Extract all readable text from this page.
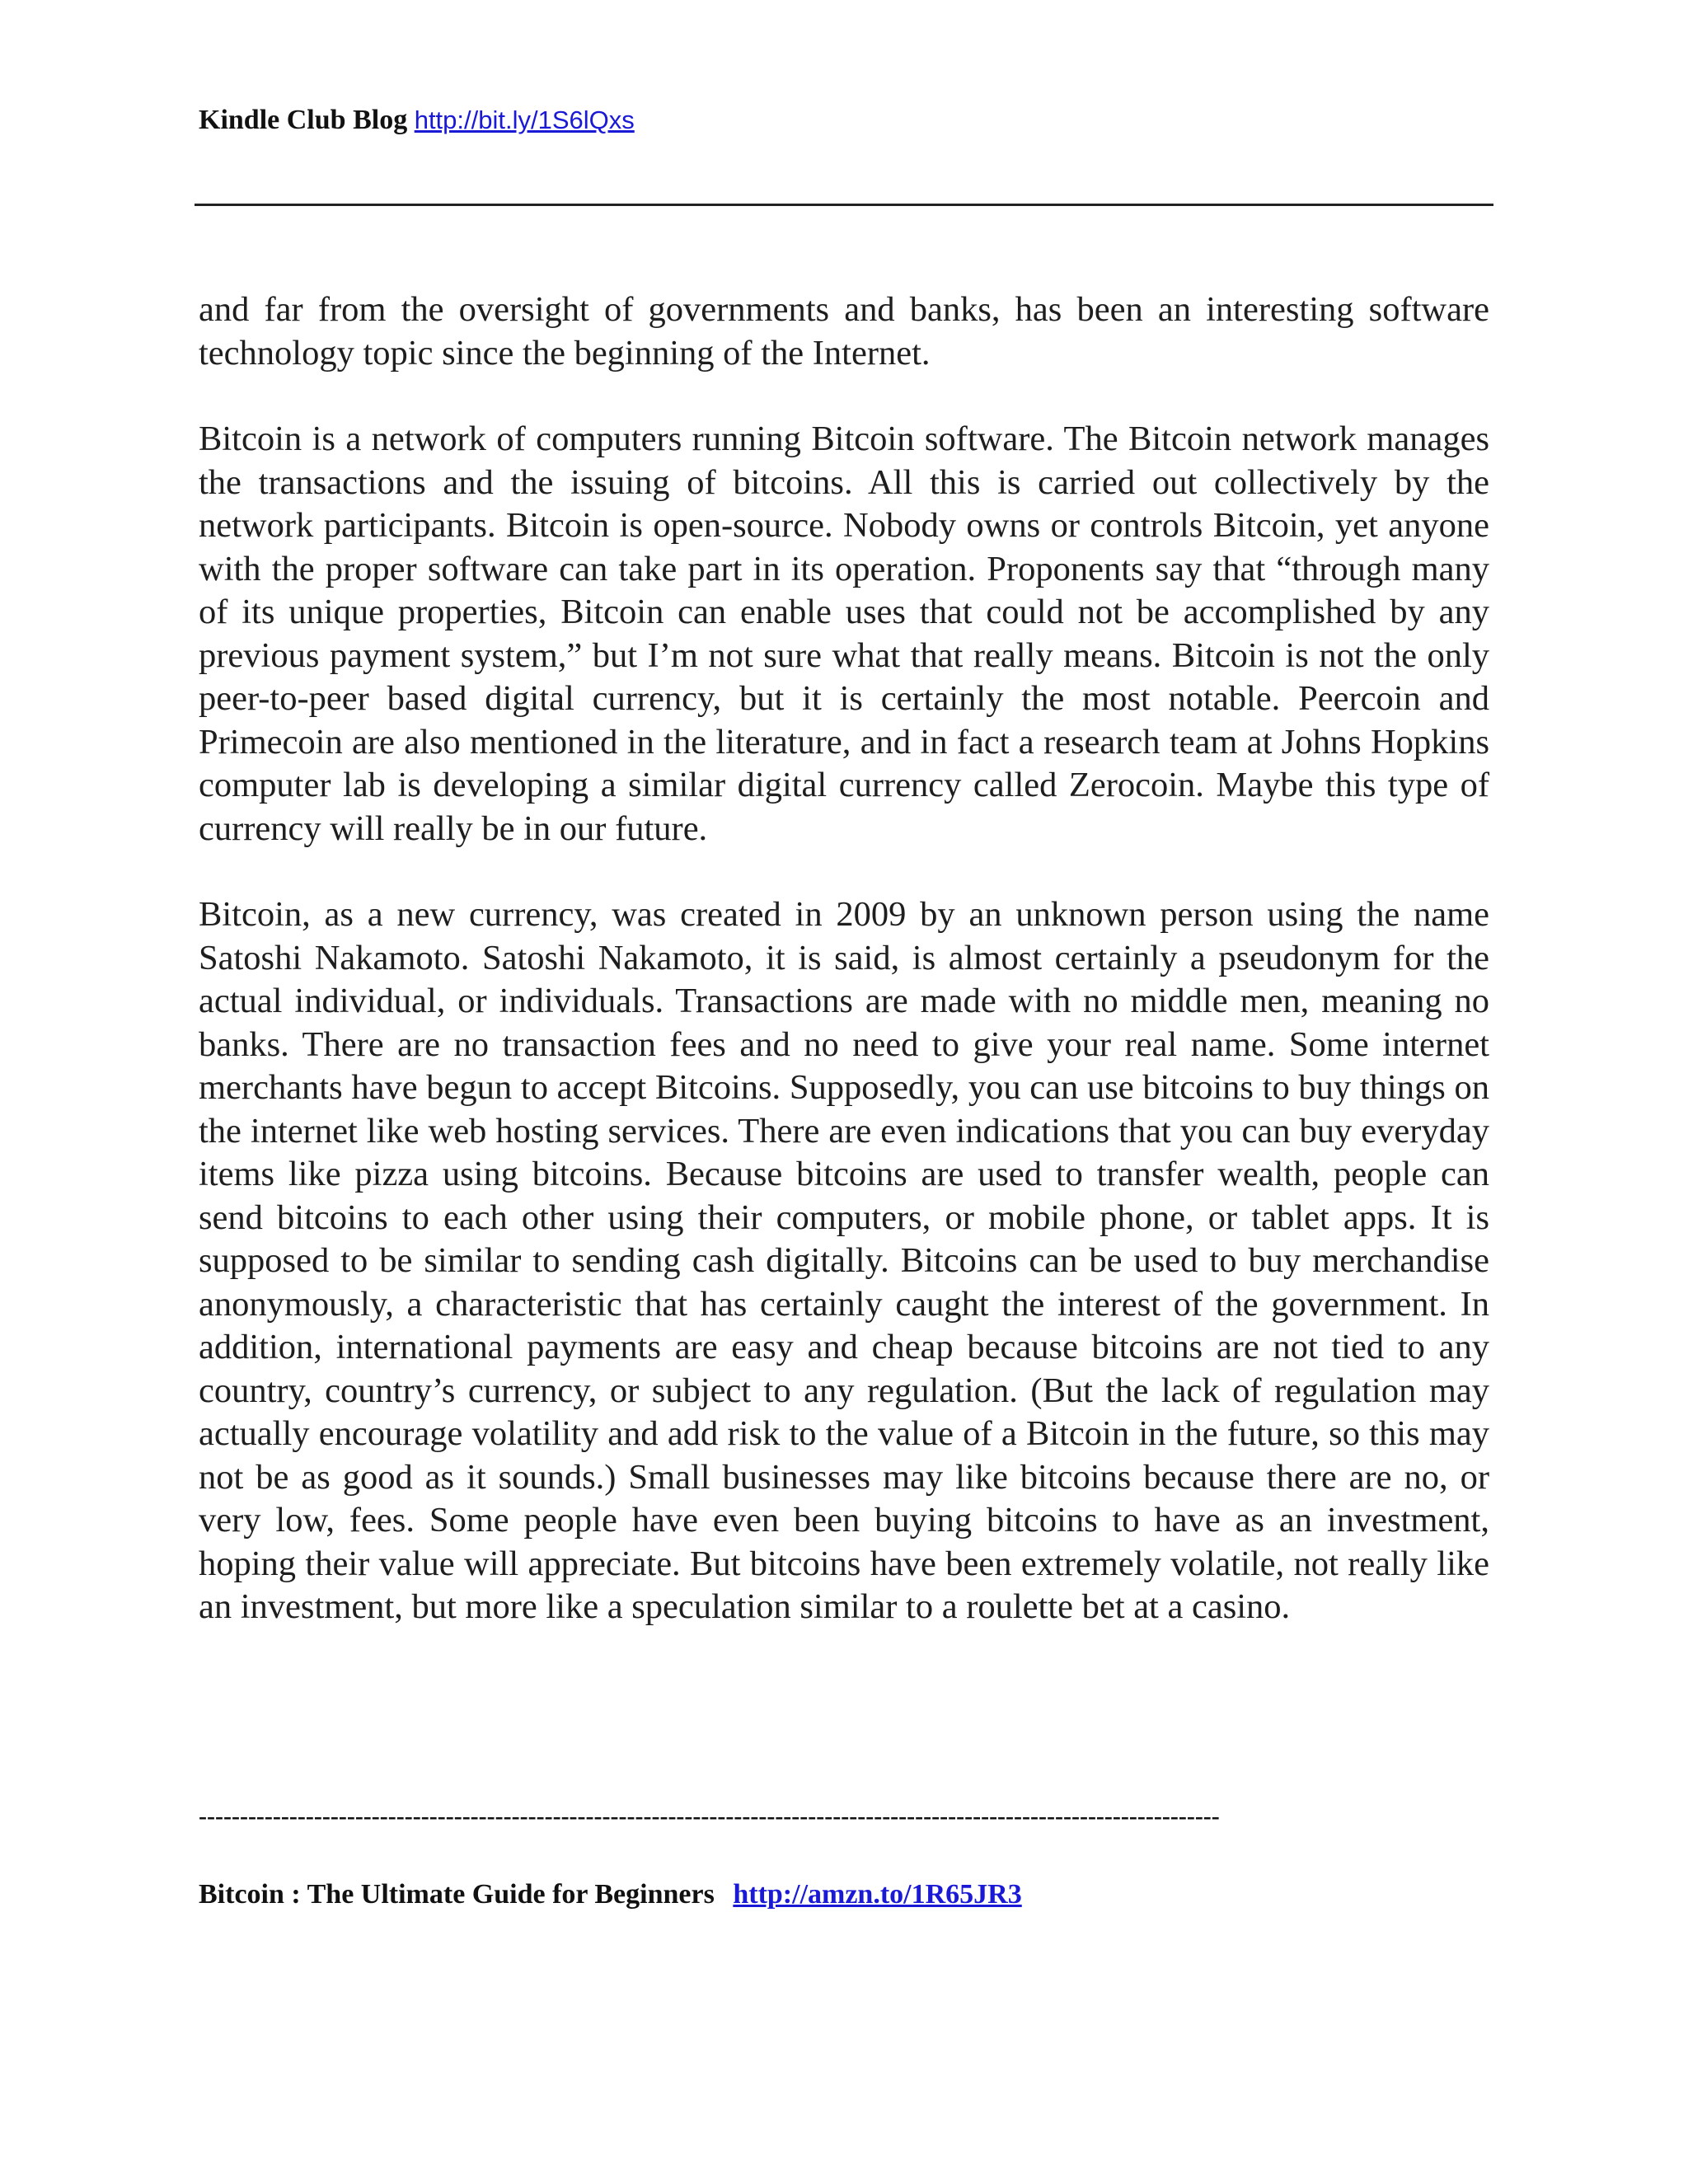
Kindle Club Blog http://bit.ly/1S6lQxs

and far from the oversight of governments and banks, has been an interesting software technology topic since the beginning of the Internet.

Bitcoin is a network of computers running Bitcoin software. The Bitcoin network manages the transactions and the issuing of bitcoins. All this is carried out collectively by the network participants. Bitcoin is open-source. Nobody owns or controls Bitcoin, yet anyone with the proper software can take part in its operation. Proponents say that “through many of its unique properties, Bitcoin can enable uses that could not be accomplished by any previous payment system,” but I’m not sure what that really means. Bitcoin is not the only peer-to-peer based digital currency, but it is certainly the most notable. Peercoin and Primecoin are also mentioned in the literature, and in fact a research team at Johns Hopkins computer lab is developing a similar digital currency called Zerocoin. Maybe this type of currency will really be in our future.

Bitcoin, as a new currency, was created in 2009 by an unknown person using the name Satoshi Nakamoto. Satoshi Nakamoto, it is said, is almost certainly a pseudonym for the actual individual, or individuals. Transactions are made with no middle men, meaning no banks. There are no transaction fees and no need to give your real name. Some internet merchants have begun to accept Bitcoins. Supposedly, you can use bitcoins to buy things on the internet like web hosting services. There are even indications that you can buy everyday items like pizza using bitcoins. Because bitcoins are used to transfer wealth, people can send bitcoins to each other using their computers, or mobile phone, or tablet apps. It is supposed to be similar to sending cash digitally. Bitcoins can be used to buy merchandise anonymously, a characteristic that has certainly caught the interest of the government. In addition, international payments are easy and cheap because bitcoins are not tied to any country, country’s currency, or subject to any regulation. (But the lack of regulation may actually encourage volatility and add risk to the value of a Bitcoin in the future, so this may not be as good as it sounds.) Small businesses may like bitcoins because there are no, or very low, fees. Some people have even been buying bitcoins to have as an investment, hoping their value will appreciate. But bitcoins have been extremely volatile, not really like an investment, but more like a speculation similar to a roulette bet at a casino.

----------------------------------------------------------------------------------------------------------------------------
Bitcoin : The Ultimate Guide for Beginners http://amzn.to/1R65JR3
